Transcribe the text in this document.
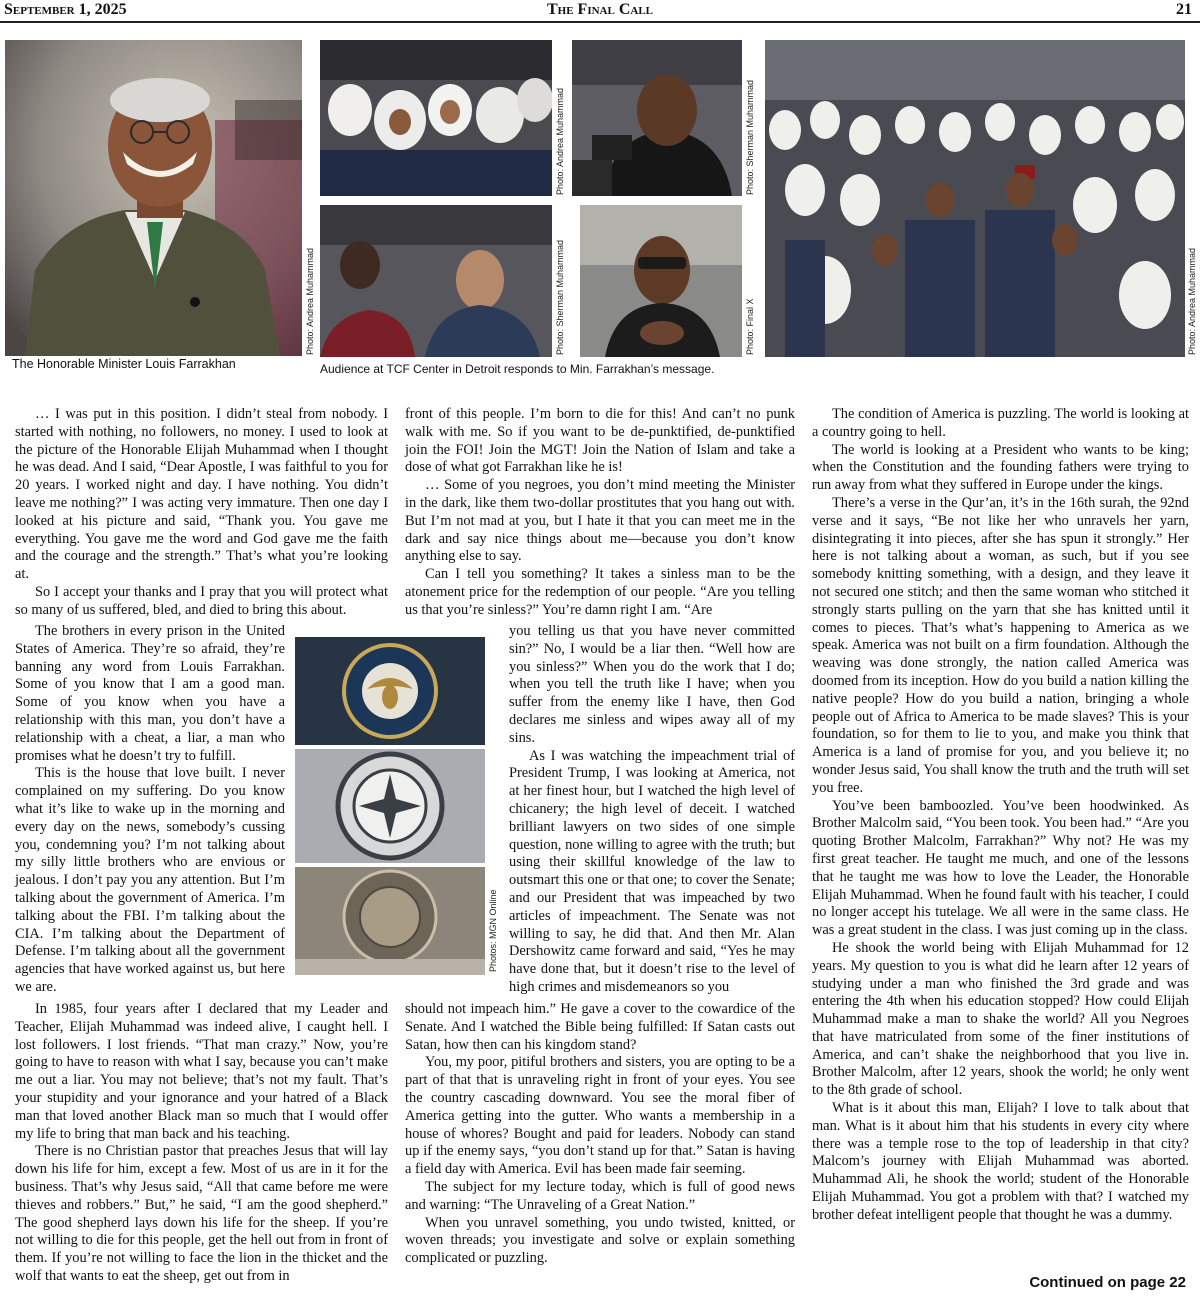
September 1, 2025	The Final Call	21
Photo: Andrea Muhammad
The Honorable Minister Louis Farrakhan
Photo: Andrea Muhammad	Photo: Sherman Muhammad
Photo: Sherman Muhammad	Photo: Final X	Photo: Andrea Muhammad
Audience at TCF Center in Detroit responds to Min. Farrakhan’s message.

… I was put in this position. I didn’t steal from nobody. I started with nothing, no followers, no money. I used to look at the picture of the Honorable Elijah Muhammad when I thought he was dead. And I said, “Dear Apostle, I was faithful to you for 20 years. I worked night and day. I have nothing. You didn’t leave me nothing?” I was acting very immature. Then one day I looked at his picture and said, “Thank you. You gave me everything. You gave me the word and God gave me the faith and the courage and the strength.” That’s what you’re looking at.

So I accept your thanks and I pray that you will protect what so many of us suffered, bled, and died to bring this about.

The brothers in every prison in the United States of America. They’re so afraid, they’re banning any word from Louis Farrakhan. Some of you know that I am a good man. Some of you know when you have a relationship with this man, you don’t have a relationship with a cheat, a liar, a man who promises what he doesn’t try to fulfill.

This is the house that love built. I never complained on my suffering. Do you know what it’s like to wake up in the morning and every day on the news, somebody’s cussing you, condemning you? I’m not talking about my silly little brothers who are envious or jealous. I don’t pay you any attention. But I’m talking about the government of America. I’m talking about the FBI. I’m talking about the CIA. I’m talking about the Department of Defense. I’m talking about all the government agencies that have worked against us, but here we are.

In 1985, four years after I declared that my Leader and Teacher, Elijah Muhammad was indeed alive, I caught hell. I lost followers. I lost friends. “That man crazy.” Now, you’re going to have to reason with what I say, because you can’t make me out a liar. You may not believe; that’s not my fault. That’s your stupidity and your ignorance and your hatred of a Black man that loved another Black man so much that I would offer my life to bring that man back and his teaching.

There is no Christian pastor that preaches Jesus that will lay down his life for him, except a few. Most of us are in it for the business. That’s why Jesus said, “All that came before me were thieves and robbers.” But,” he said, “I am the good shepherd.” The good shepherd lays down his life for the sheep. If you’re not willing to die for this people, get the hell out from in front of them. If you’re not willing to face the lion in the thicket and the wolf that wants to eat the sheep, get out from in

Photos: MGN Online

front of this people. I’m born to die for this! And can’t no punk walk with me. So if you want to be de-punktified, de-punktified join the FOI! Join the MGT! Join the Nation of Islam and take a dose of what got Farrakhan like he is!

… Some of you negroes, you don’t mind meeting the Minister in the dark, like them two-dollar prostitutes that you hang out with. But I’m not mad at you, but I hate it that you can meet me in the dark and say nice things about me—because you don’t know anything else to say.

Can I tell you something? It takes a sinless man to be the atonement price for the redemption of our people. “Are you telling us that you’re sinless?” You’re damn right I am. “Are

you telling us that you have never committed sin?” No, I would be a liar then. “Well how are you sinless?” When you do the work that I do; when you tell the truth like I have; when you suffer from the enemy like I have, then God declares me sinless and wipes away all of my sins.

As I was watching the impeachment trial of President Trump, I was looking at America, not at her finest hour, but I watched the high level of chicanery; the high level of deceit. I watched brilliant lawyers on two sides of one simple question, none willing to agree with the truth; but using their skillful knowledge of the law to outsmart this one or that one; to cover the Senate; and our President that was impeached by two articles of impeachment. The Senate was not willing to say, he did that. And then Mr. Alan Dershowitz came forward and said, “Yes he may have done that, but it doesn’t rise to the level of high crimes and misdemeanors so you

should not impeach him.” He gave a cover to the cowardice of the Senate. And I watched the Bible being fulfilled: If Satan casts out Satan, how then can his kingdom stand?

You, my poor, pitiful brothers and sisters, you are opting to be a part of that that is unraveling right in front of your eyes. You see the country cascading downward. You see the moral fiber of America getting into the gutter. Who wants a membership in a house of whores? Bought and paid for leaders. Nobody can stand up if the enemy says, “you don’t stand up for that.” Satan is having a field day with America. Evil has been made fair seeming.

The subject for my lecture today, which is full of good news and warning: “The Unraveling of a Great Nation.”

When you unravel something, you undo twisted, knitted, or woven threads; you investigate and solve or explain something complicated or puzzling.

The condition of America is puzzling. The world is looking at a country going to hell.

The world is looking at a President who wants to be king; when the Constitution and the founding fathers were trying to run away from what they suffered in Europe under the kings.

There’s a verse in the Qur’an, it’s in the 16th surah, the 92nd verse and it says, “Be not like her who unravels her yarn, disintegrating it into pieces, after she has spun it strongly.” Her here is not talking about a woman, as such, but if you see somebody knitting something, with a design, and they leave it not secured one stitch; and then the same woman who stitched it strongly starts pulling on the yarn that she has knitted until it comes to pieces. That’s what’s happening to America as we speak. America was not built on a firm foundation. Although the weaving was done strongly, the nation called America was doomed from its inception. How do you build a nation killing the native people? How do you build a nation, bringing a whole people out of Africa to America to be made slaves? This is your foundation, so for them to lie to you, and make you think that America is a land of promise for you, and you believe it; no wonder Jesus said, You shall know the truth and the truth will set you free.

You’ve been bamboozled. You’ve been hoodwinked. As Brother Malcolm said, “You been took. You been had.” “Are you quoting Brother Malcolm, Farrakhan?” Why not? He was my first great teacher. He taught me much, and one of the lessons that he taught me was how to love the Leader, the Honorable Elijah Muhammad. When he found fault with his teacher, I could no longer accept his tutelage. We all were in the same class. He was a great student in the class. I was just coming up in the class.

He shook the world being with Elijah Muhammad for 12 years. My question to you is what did he learn after 12 years of studying under a man who finished the 3rd grade and was entering the 4th when his education stopped? How could Elijah Muhammad make a man to shake the world? All you Negroes that have matriculated from some of the finer institutions of America, and can’t shake the neighborhood that you live in. Brother Malcolm, after 12 years, shook the world; he only went to the 8th grade of school.

What is it about this man, Elijah? I love to talk about that man. What is it about him that his students in every city where there was a temple rose to the top of leadership in that city? Malcom’s journey with Elijah Muhammad was aborted. Muhammad Ali, he shook the world; student of the Honorable Elijah Muhammad. You got a problem with that? I watched my brother defeat intelligent people that thought he was a dummy.

Continued on page 22
